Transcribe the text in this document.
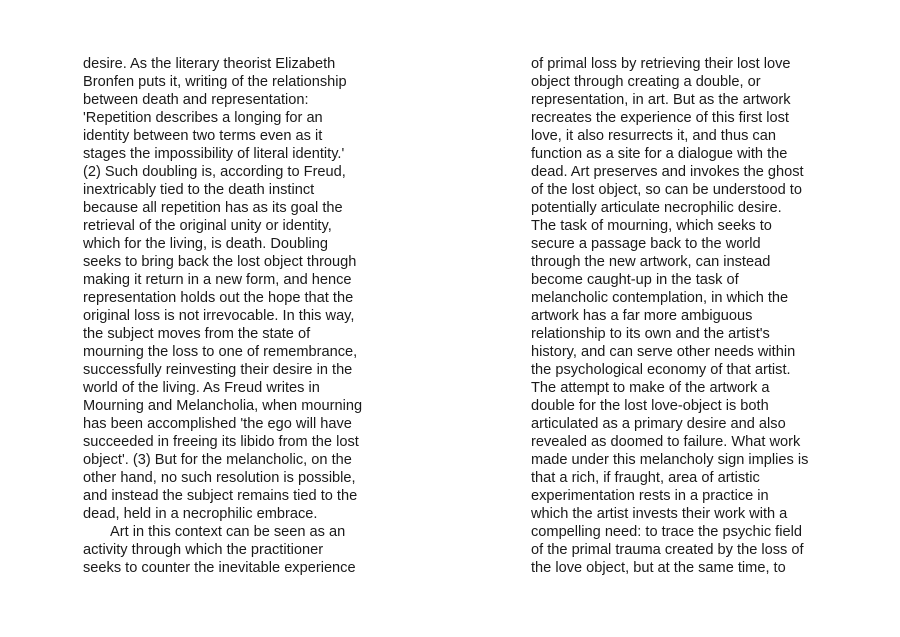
desire. As the literary theorist Elizabeth
Bronfen puts it, writing of the relationship
between death and representation:
'Repetition describes a longing for an
identity between two terms even as it
stages the impossibility of literal identity.'
(2) Such doubling is, according to Freud,
inextricably tied to the death instinct
because all repetition has as its goal the
retrieval of the original unity or identity,
which for the living, is death. Doubling
seeks to bring back the lost object through
making it return in a new form, and hence
representation holds out the hope that the
original loss is not irrevocable. In this way,
the subject moves from the state of
mourning the loss to one of remembrance,
successfully reinvesting their desire in the
world of the living. As Freud writes in
Mourning and Melancholia, when mourning
has been accomplished 'the ego will have
succeeded in freeing its libido from the lost
object'. (3) But for the melancholic, on the
other hand, no such resolution is possible,
and instead the subject remains tied to the
dead, held in a necrophilic embrace.
Art in this context can be seen as an
activity through which the practitioner
seeks to counter the inevitable experience
of primal loss by retrieving their lost love
object through creating a double, or
representation, in art. But as the artwork
recreates the experience of this first lost
love, it also resurrects it, and thus can
function as a site for a dialogue with the
dead. Art preserves and invokes the ghost
of the lost object, so can be understood to
potentially articulate necrophilic desire.
The task of mourning, which seeks to
secure a passage back to the world
through the new artwork, can instead
become caught-up in the task of
melancholic contemplation, in which the
artwork has a far more ambiguous
relationship to its own and the artist's
history, and can serve other needs within
the psychological economy of that artist.
The attempt to make of the artwork a
double for the lost love-object is both
articulated as a primary desire and also
revealed as doomed to failure. What work
made under this melancholy sign implies is
that a rich, if fraught, area of artistic
experimentation rests in a practice in
which the artist invests their work with a
compelling need: to trace the psychic field
of the primal trauma created by the loss of
the love object, but at the same time, to
